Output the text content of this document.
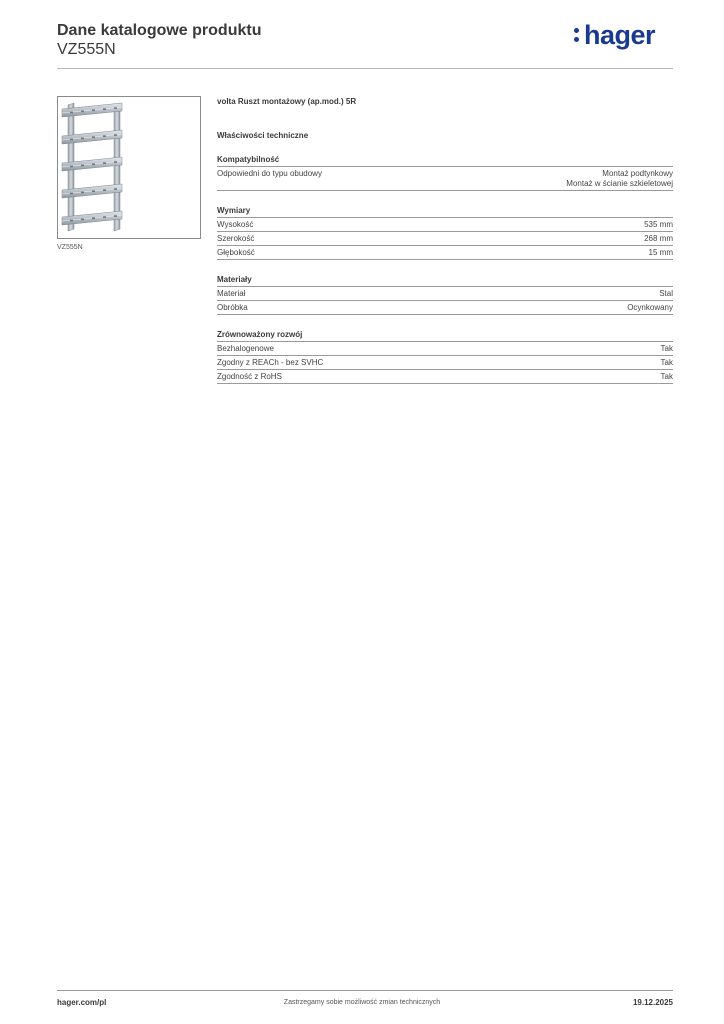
Dane katalogowe produktu
VZ555N	hager
VZ555N
volta Ruszt montażowy (ap.mod.) 5R
Właściwości techniczne
Kompatybilność
Odpowiedni do typu obudowy	Montaż podtynkowy
Montaż w ścianie szkieletowej
Wymiary
Wysokość	535 mm
Szerokość	268 mm
Głębokość	15 mm
Materiały
Materiał	Stal
Obróbka	Ocynkowany
Zrównoważony rozwój
Bezhalogenowe	Tak
Zgodny z REACh - bez SVHC	Tak
Zgodność z RoHS	Tak
hager.com/pl	Zastrzegamy sobie możliwość zmian technicznych	19.12.2025
